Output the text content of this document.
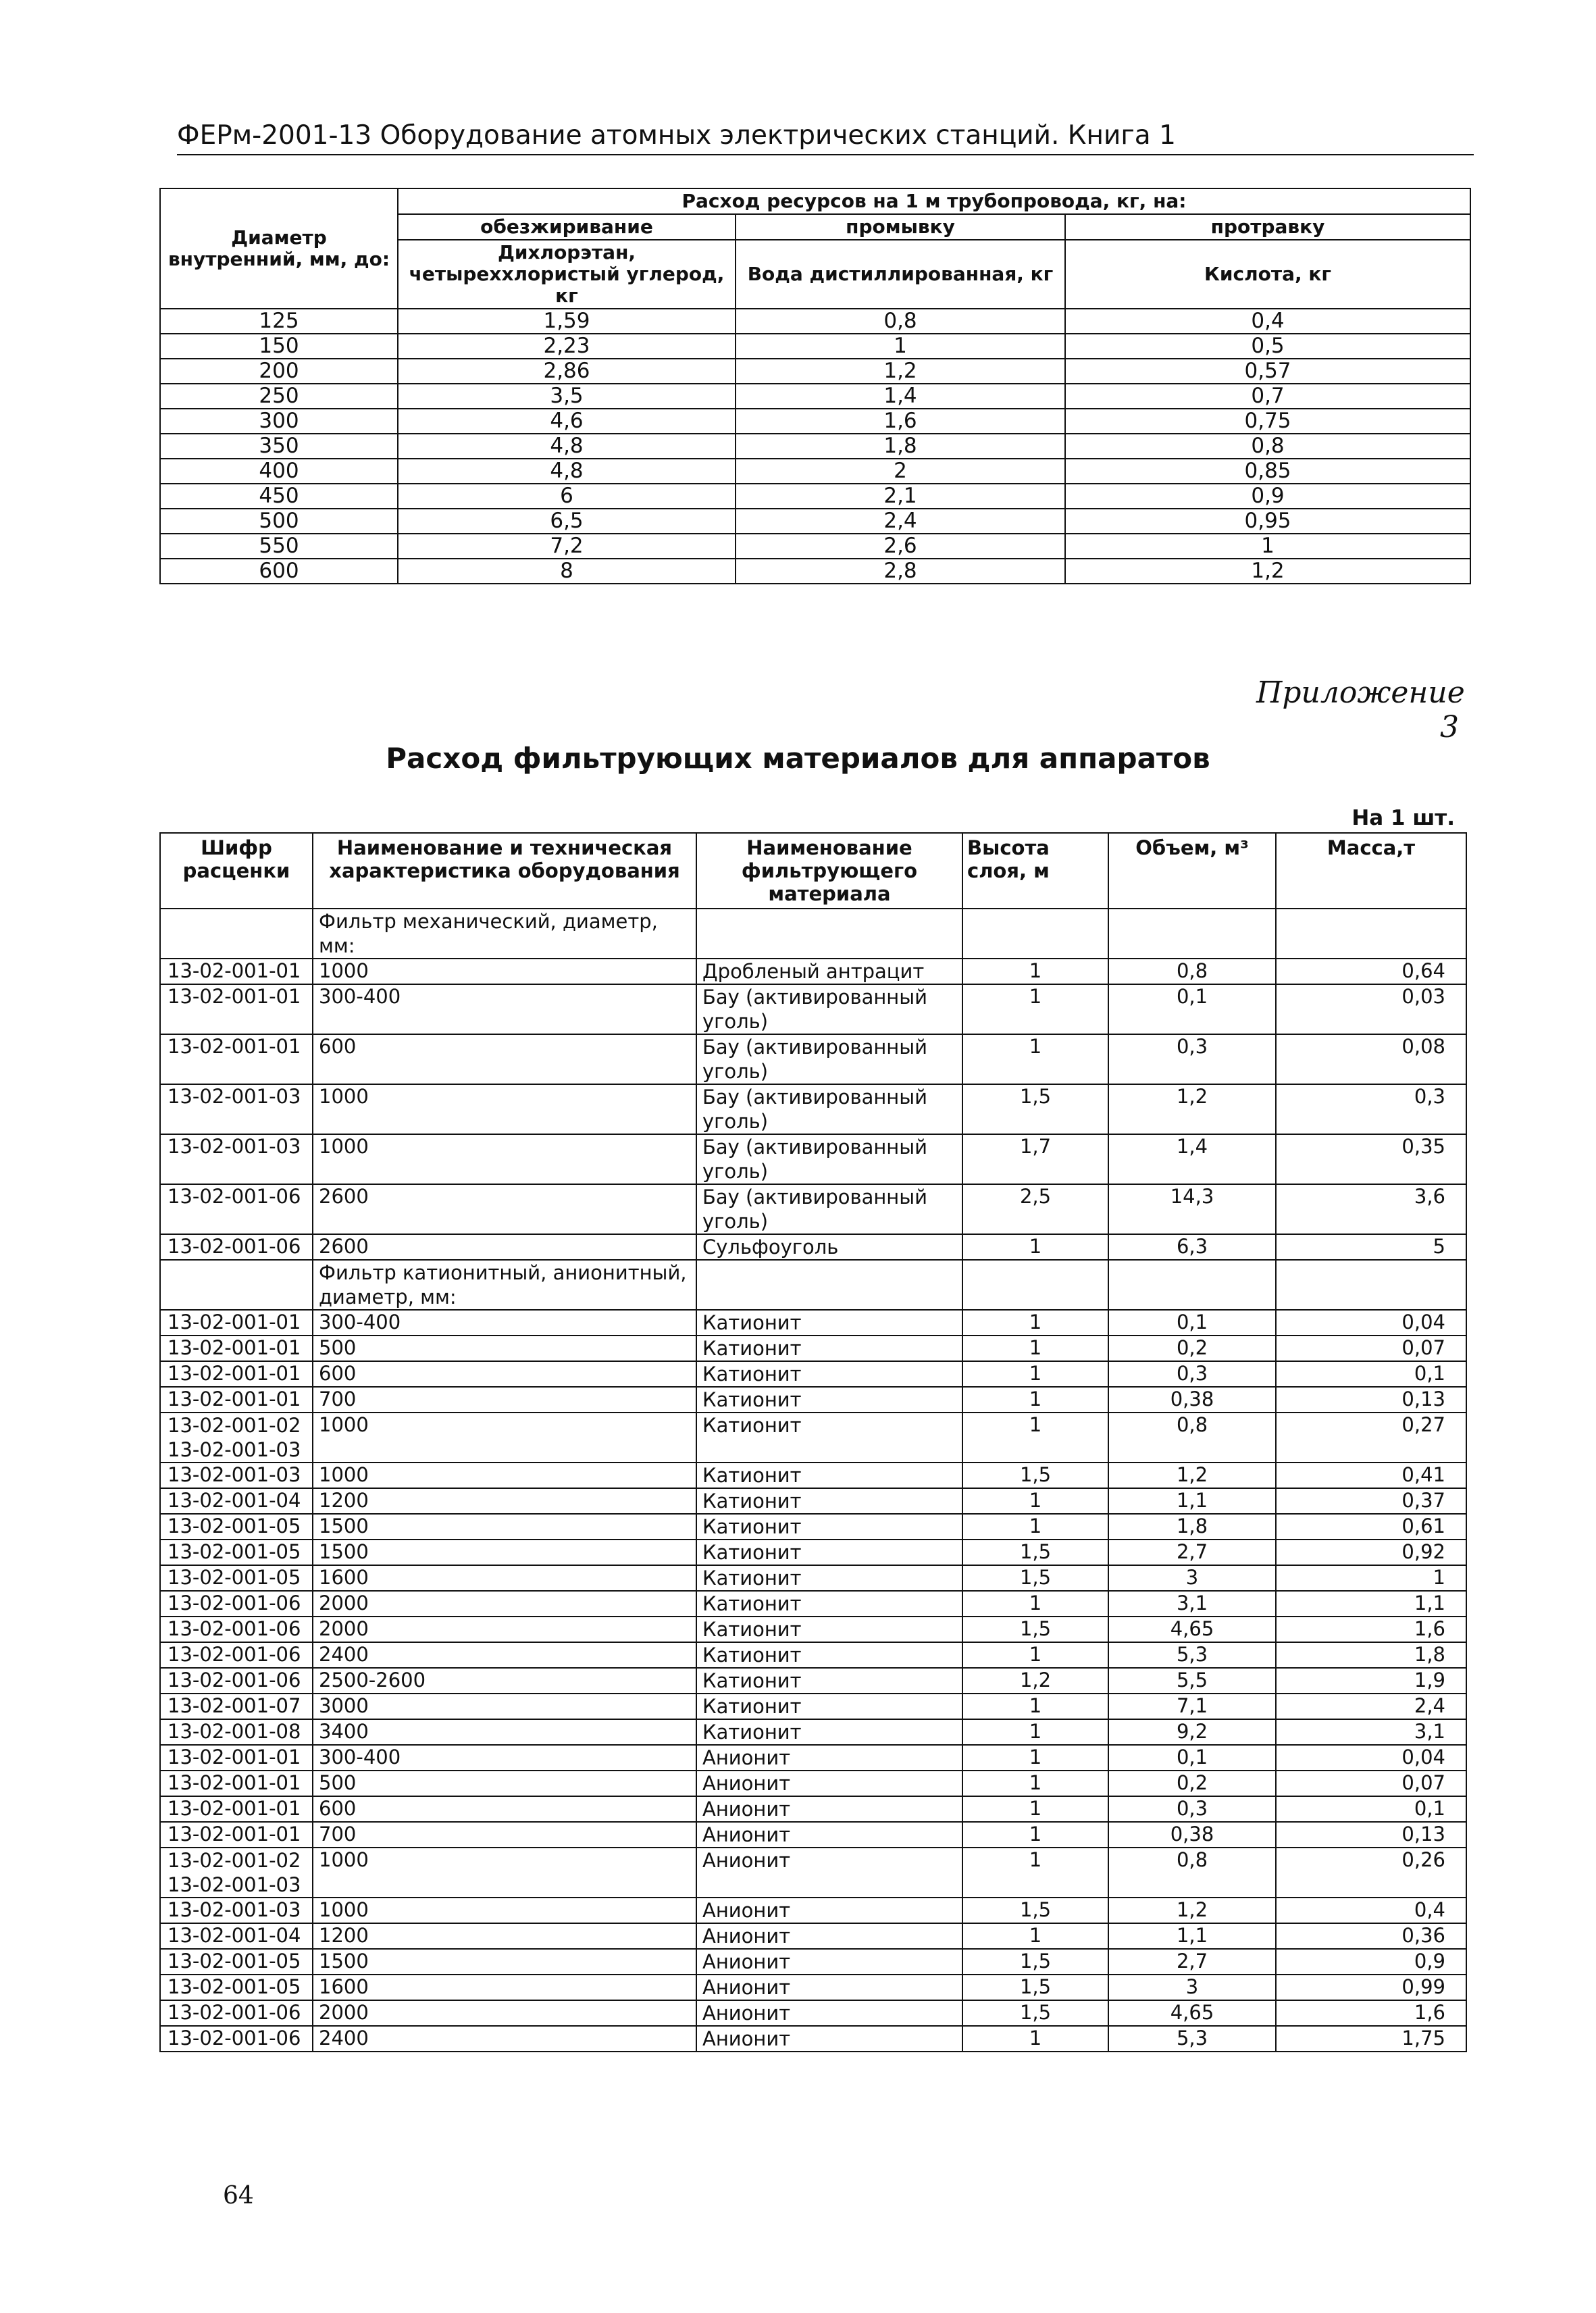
ФЕРм-2001-13 Оборудование атомных электрических станций. Книга 1
Диаметр внутренний, мм, до:	Расход ресурсов на 1 м трубопровода, кг, на:		
	обезжиривание	промывку	протравку
	Дихлорэтан, четыреххлористый углерод, кг	Вода дистиллированная, кг	Кислота, кг
125	1,59	0,8	0,4
150	2,23	1	0,5
200	2,86	1,2	0,57
250	3,5	1,4	0,7
300	4,6	1,6	0,75
350	4,8	1,8	0,8
400	4,8	2	0,85
450	6	2,1	0,9
500	6,5	2,4	0,95
550	7,2	2,6	1
600	8	2,8	1,2
Приложение 3
Расход фильтрующих материалов для аппаратов
На 1 шт.
Шифр расценки	Наименование и техническая характеристика оборудования	Наименование фильтрующего материала	Высота слоя, м	Объем, м³	Масса,т
	Фильтр механический, диаметр, мм:				
13-02-001-01	1000	Дробленый антрацит	1	0,8	0,64
13-02-001-01	300-400	Бау (активированный уголь)	1	0,1	0,03
13-02-001-01	600	Бау (активированный уголь)	1	0,3	0,08
13-02-001-03	1000	Бау (активированный уголь)	1,5	1,2	0,3
13-02-001-03	1000	Бау (активированный уголь)	1,7	1,4	0,35
13-02-001-06	2600	Бау (активированный уголь)	2,5	14,3	3,6
13-02-001-06	2600	Сульфоуголь	1	6,3	5
	Фильтр катионитный, анионитный, диаметр, мм:				
13-02-001-01	300-400	Катионит	1	0,1	0,04
13-02-001-01	500	Катионит	1	0,2	0,07
13-02-001-01	600	Катионит	1	0,3	0,1
13-02-001-01	700	Катионит	1	0,38	0,13
13-02-001-02 13-02-001-03	1000	Катионит	1	0,8	0,27
13-02-001-03	1000	Катионит	1,5	1,2	0,41
13-02-001-04	1200	Катионит	1	1,1	0,37
13-02-001-05	1500	Катионит	1	1,8	0,61
13-02-001-05	1500	Катионит	1,5	2,7	0,92
13-02-001-05	1600	Катионит	1,5	3	1
13-02-001-06	2000	Катионит	1	3,1	1,1
13-02-001-06	2000	Катионит	1,5	4,65	1,6
13-02-001-06	2400	Катионит	1	5,3	1,8
13-02-001-06	2500-2600	Катионит	1,2	5,5	1,9
13-02-001-07	3000	Катионит	1	7,1	2,4
13-02-001-08	3400	Катионит	1	9,2	3,1
13-02-001-01	300-400	Анионит	1	0,1	0,04
13-02-001-01	500	Анионит	1	0,2	0,07
13-02-001-01	600	Анионит	1	0,3	0,1
13-02-001-01	700	Анионит	1	0,38	0,13
13-02-001-02 13-02-001-03	1000	Анионит	1	0,8	0,26
13-02-001-03	1000	Анионит	1,5	1,2	0,4
13-02-001-04	1200	Анионит	1	1,1	0,36
13-02-001-05	1500	Анионит	1,5	2,7	0,9
13-02-001-05	1600	Анионит	1,5	3	0,99
13-02-001-06	2000	Анионит	1,5	4,65	1,6
13-02-001-06	2400	Анионит	1	5,3	1,75
64
